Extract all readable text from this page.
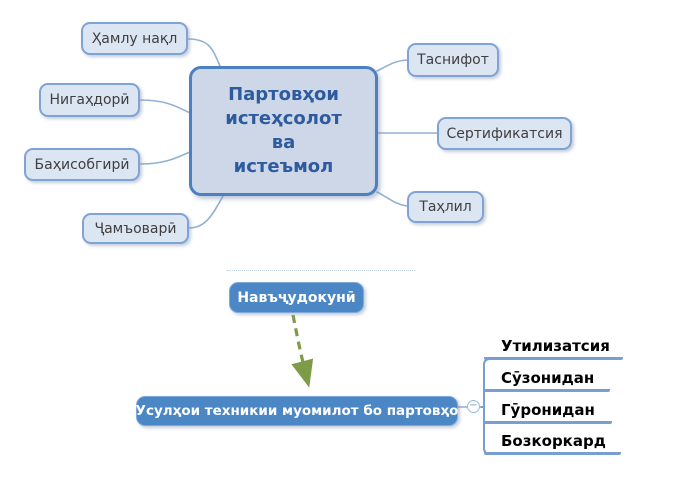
Партовҳои
истеҳсолот
ва
истеъмол
Ҳамлу нақл
Нигаҳдорӣ
Баҳисобгирӣ
Ҷамъоварӣ
Таснифот
Сертификатсия
Таҳлил
Навъҷудокунӣ
Усулҳои техникии муомилот бо партовҳо −
Утилизатсия
Сӯзонидан
Гӯронидан
Бозкоркард
